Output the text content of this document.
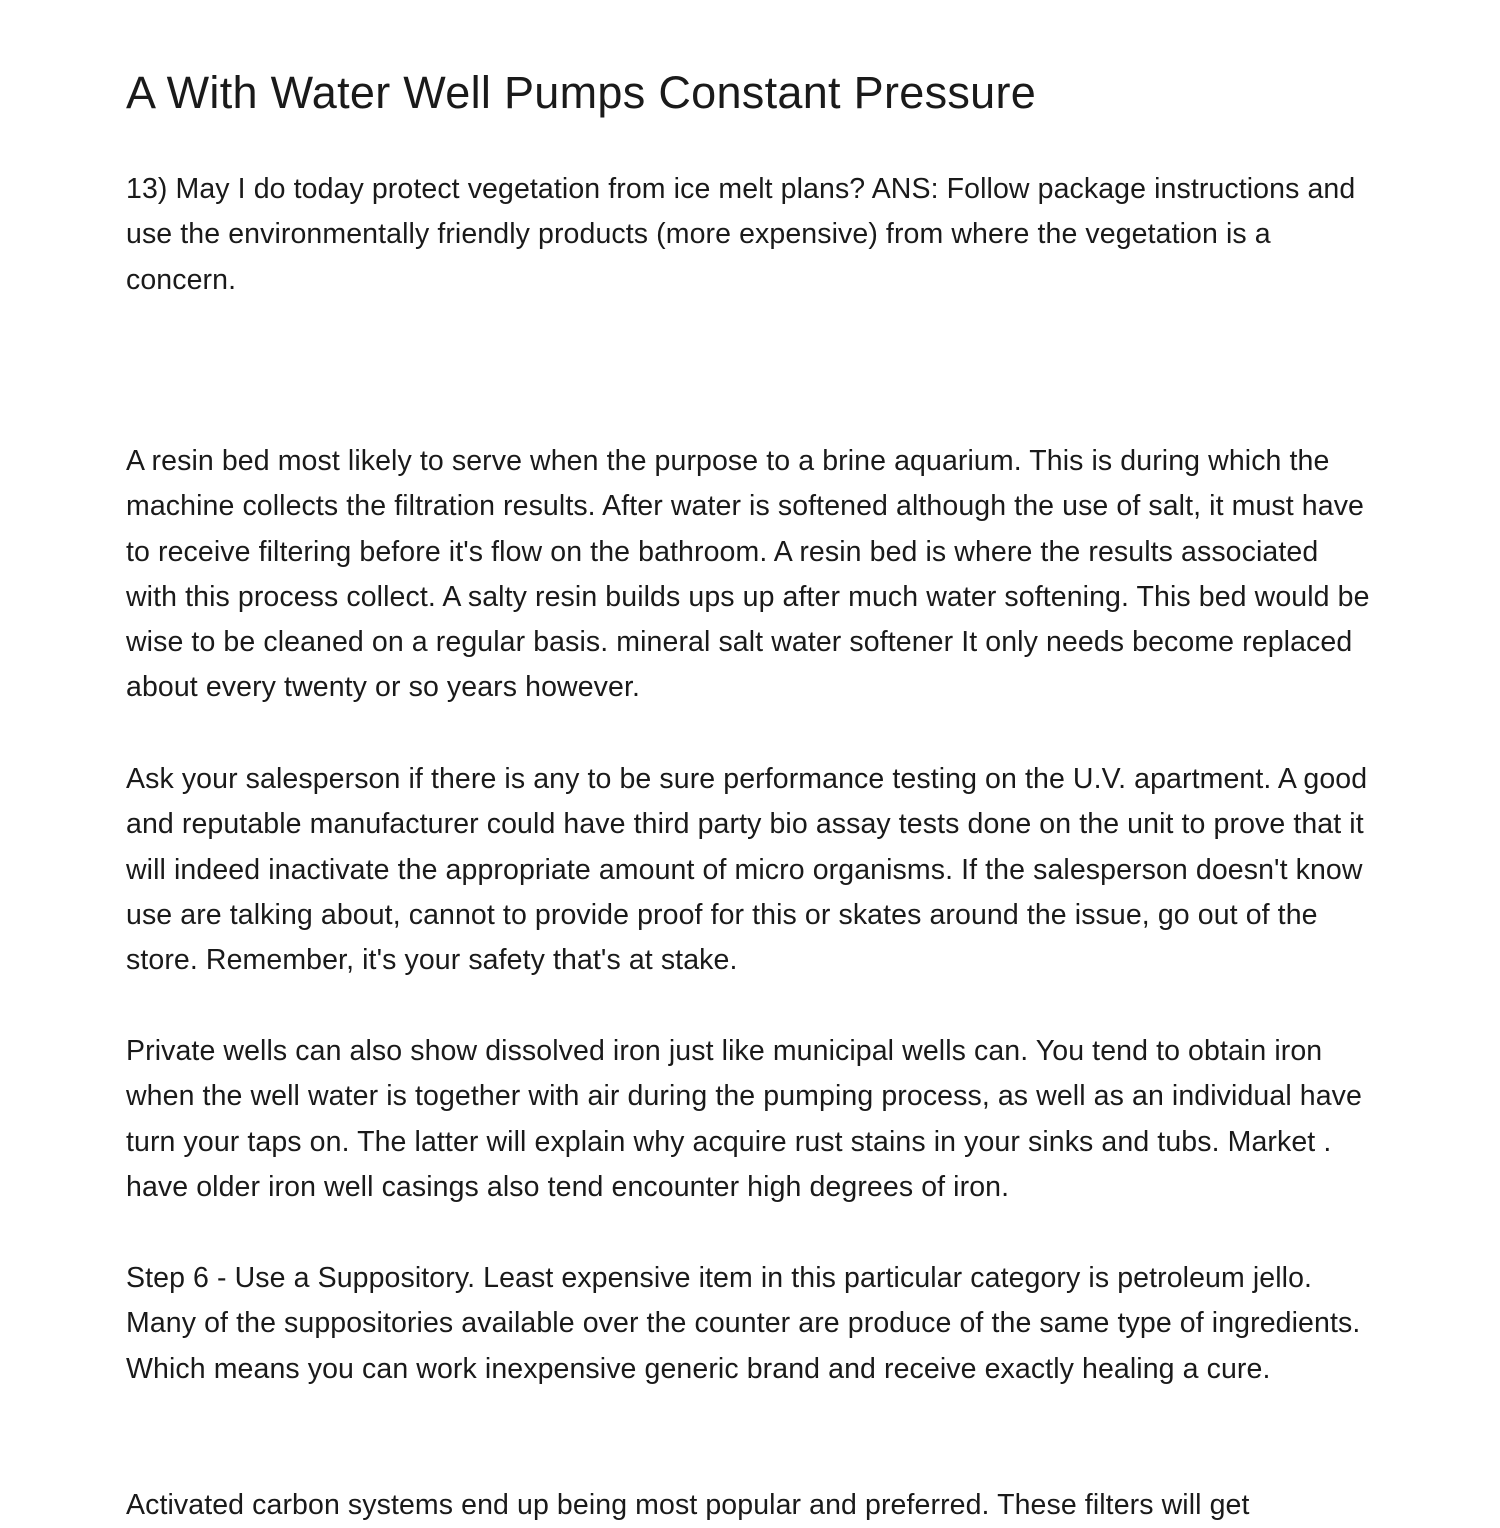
A With Water Well Pumps Constant Pressure

13) May I do today protect vegetation from ice melt plans? ANS: Follow package instructions and use the environmentally friendly products (more expensive) from where the vegetation is a concern.

A resin bed most likely to serve when the purpose to a brine aquarium. This is during which the machine collects the filtration results. After water is softened although the use of salt, it must have to receive filtering before it's flow on the bathroom. A resin bed is where the results associated with this process collect. A salty resin builds ups up after much water softening. This bed would be wise to be cleaned on a regular basis. mineral salt water softener It only needs become replaced about every twenty or so years however.

Ask your salesperson if there is any to be sure performance testing on the U.V. apartment. A good and reputable manufacturer could have third party bio assay tests done on the unit to prove that it will indeed inactivate the appropriate amount of micro organisms. If the salesperson doesn't know use are talking about, cannot to provide proof for this or skates around the issue, go out of the store. Remember, it's your safety that's at stake.

Private wells can also show dissolved iron just like municipal wells can. You tend to obtain iron when the well water is together with air during the pumping process, as well as an individual have turn your taps on. The latter will explain why acquire rust stains in your sinks and tubs. Market . have older iron well casings also tend encounter high degrees of iron.

Step 6 - Use a Suppository. Least expensive item in this particular category is petroleum jello. Many of the suppositories available over the counter are produce of the same type of ingredients. Which means you can work inexpensive generic brand and receive exactly healing a cure.

Activated carbon systems end up being most popular and preferred. These filters will get
